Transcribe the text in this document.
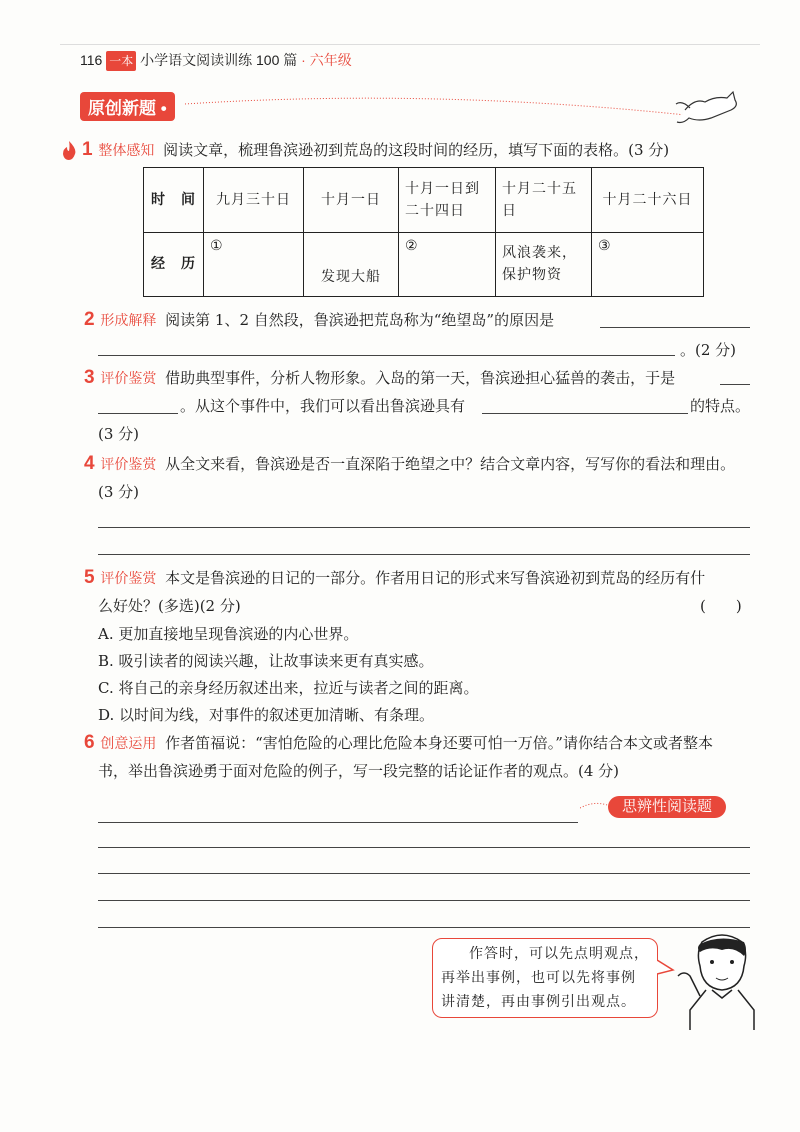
116 一本 小学语文阅读训练 100 篇 · 六年级
原创新题 •
1 整体感知 阅读文章，梳理鲁滨逊初到荒岛的这段时间的经历，填写下面的表格。(3 分)
时　间	九月三十日	十月一日	十月一日到二十四日	十月二十五日	十月二十六日
经　历	①	发现大船	②	风浪袭来，保护物资	③
2 形成解释 阅读第 1、2 自然段，鲁滨逊把荒岛称为“绝望岛”的原因是
。(2 分)
3 评价鉴赏 借助典型事件，分析人物形象。入岛的第一天，鲁滨逊担心猛兽的袭击，于是
。从这个事件中，我们可以看出鲁滨逊具有	的特点。
(3 分)
4 评价鉴赏 从全文来看，鲁滨逊是否一直深陷于绝望之中？结合文章内容，写写你的看法和理由。
(3 分)
5 评价鉴赏 本文是鲁滨逊的日记的一部分。作者用日记的形式来写鲁滨逊初到荒岛的经历有什
么好处？(多选)(2 分)	(　　)
A. 更加直接地呈现鲁滨逊的内心世界。
B. 吸引读者的阅读兴趣，让故事读来更有真实感。
C. 将自己的亲身经历叙述出来，拉近与读者之间的距离。
D. 以时间为线，对事件的叙述更加清晰、有条理。
6 创意运用 作者笛福说：“害怕危险的心理比危险本身还要可怕一万倍。”请你结合本文或者整本
书，举出鲁滨逊勇于面对危险的例子，写一段完整的话论证作者的观点。(4 分)
思辨性阅读题
作答时，可以先点明观点，再举出事例，也可以先将事例讲清楚，再由事例引出观点。
